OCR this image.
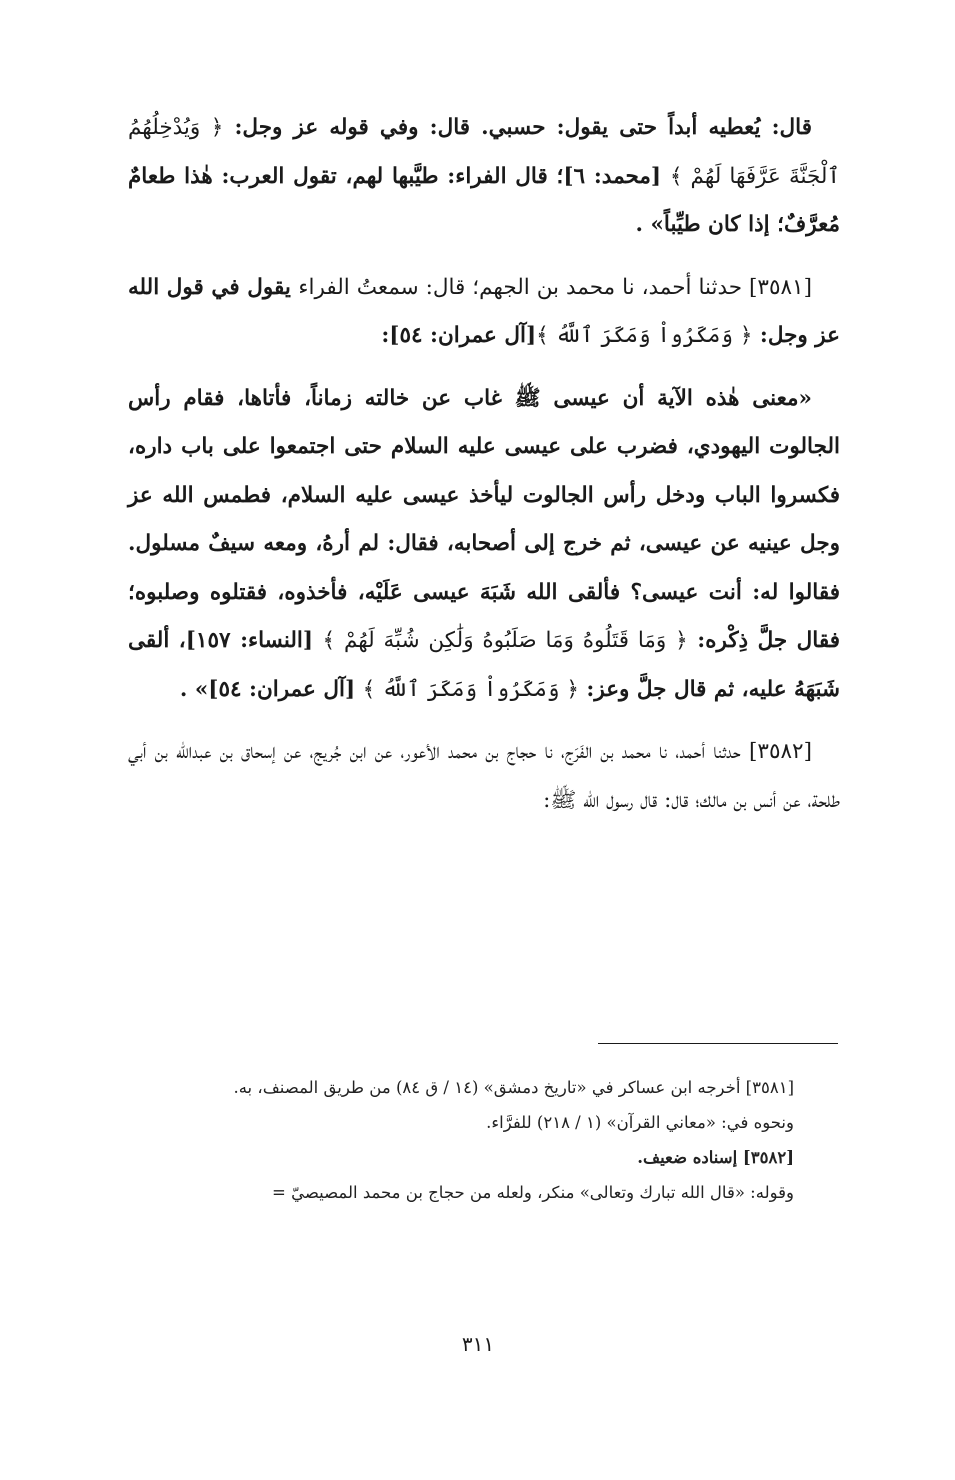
قال: يُعطيه أبداً حتى يقول: حسبي. قال: وفي قوله عز وجل: ﴿ وَيُدْخِلُهُمُ ٱلْجَنَّةَ عَرَّفَهَا لَهُمْ ﴾ [محمد: ٦]؛ قال الفراء: طيَّبها لهم، تقول العرب: هٰذا طعامٌ مُعرَّفٌ؛ إذا كان طيِّباً» .

[٣٥٨١] حدثنا أحمد، نا محمد بن الجهم؛ قال: سمعتُ الفراء يقول في قول الله عز وجل: ﴿ وَمَكَرُواْ وَمَكَرَ ٱللَّهُ ﴾[آل عمران: ٥٤]:

«معنى هٰذه الآية أن عيسى ﷺ غاب عن خالته زماناً، فأتاها، فقام رأس الجالوت اليهودي، فضرب على عيسى عليه السلام حتى اجتمعوا على باب داره، فكسروا الباب ودخل رأس الجالوت ليأخذ عيسى عليه السلام، فطمس الله عز وجل عينيه عن عيسى، ثم خرج إلى أصحابه، فقال: لم أرهُ، ومعه سيفٌ مسلول. فقالوا له: أنت عيسى؟ فألقى الله شَبَهَ عيسى عَلَيْه، فأخذوه، فقتلوه وصلبوه؛ فقال جلَّ ذِكْره: ﴿ وَمَا قَتَلُوهُ وَمَا صَلَبُوهُ وَلَٰكِن شُبِّهَ لَهُمْ ﴾ [النساء: ١٥٧]، ألقى شَبَهَهُ عليه، ثم قال جلَّ وعز: ﴿ وَمَكَرُواْ وَمَكَرَ ٱللَّهُ ﴾ [آل عمران: ٥٤]» .

[٣٥٨٢] حدثنا أحمد، نا محمد بن الفَرَج، نا حجاج بن محمد الأعور، عن ابن جُريج، عن إسحاق بن عبدالله بن أبي طلحة، عن أنس بن مالك؛ قال: قال رسول الله ﷺ:

[٣٥٨١] أخرجه ابن عساكر في «تاريخ دمشق» (١٤ / ق ٨٤) من طريق المصنف، به.

ونحوه في: «معاني القرآن» (١ / ٢١٨) للفرَّاء.

[٣٥٨٢] إسناده ضعيف.

وقوله: «قال الله تبارك وتعالى» منكر، ولعله من حجاج بن محمد المصيصيّ =

٣١١
